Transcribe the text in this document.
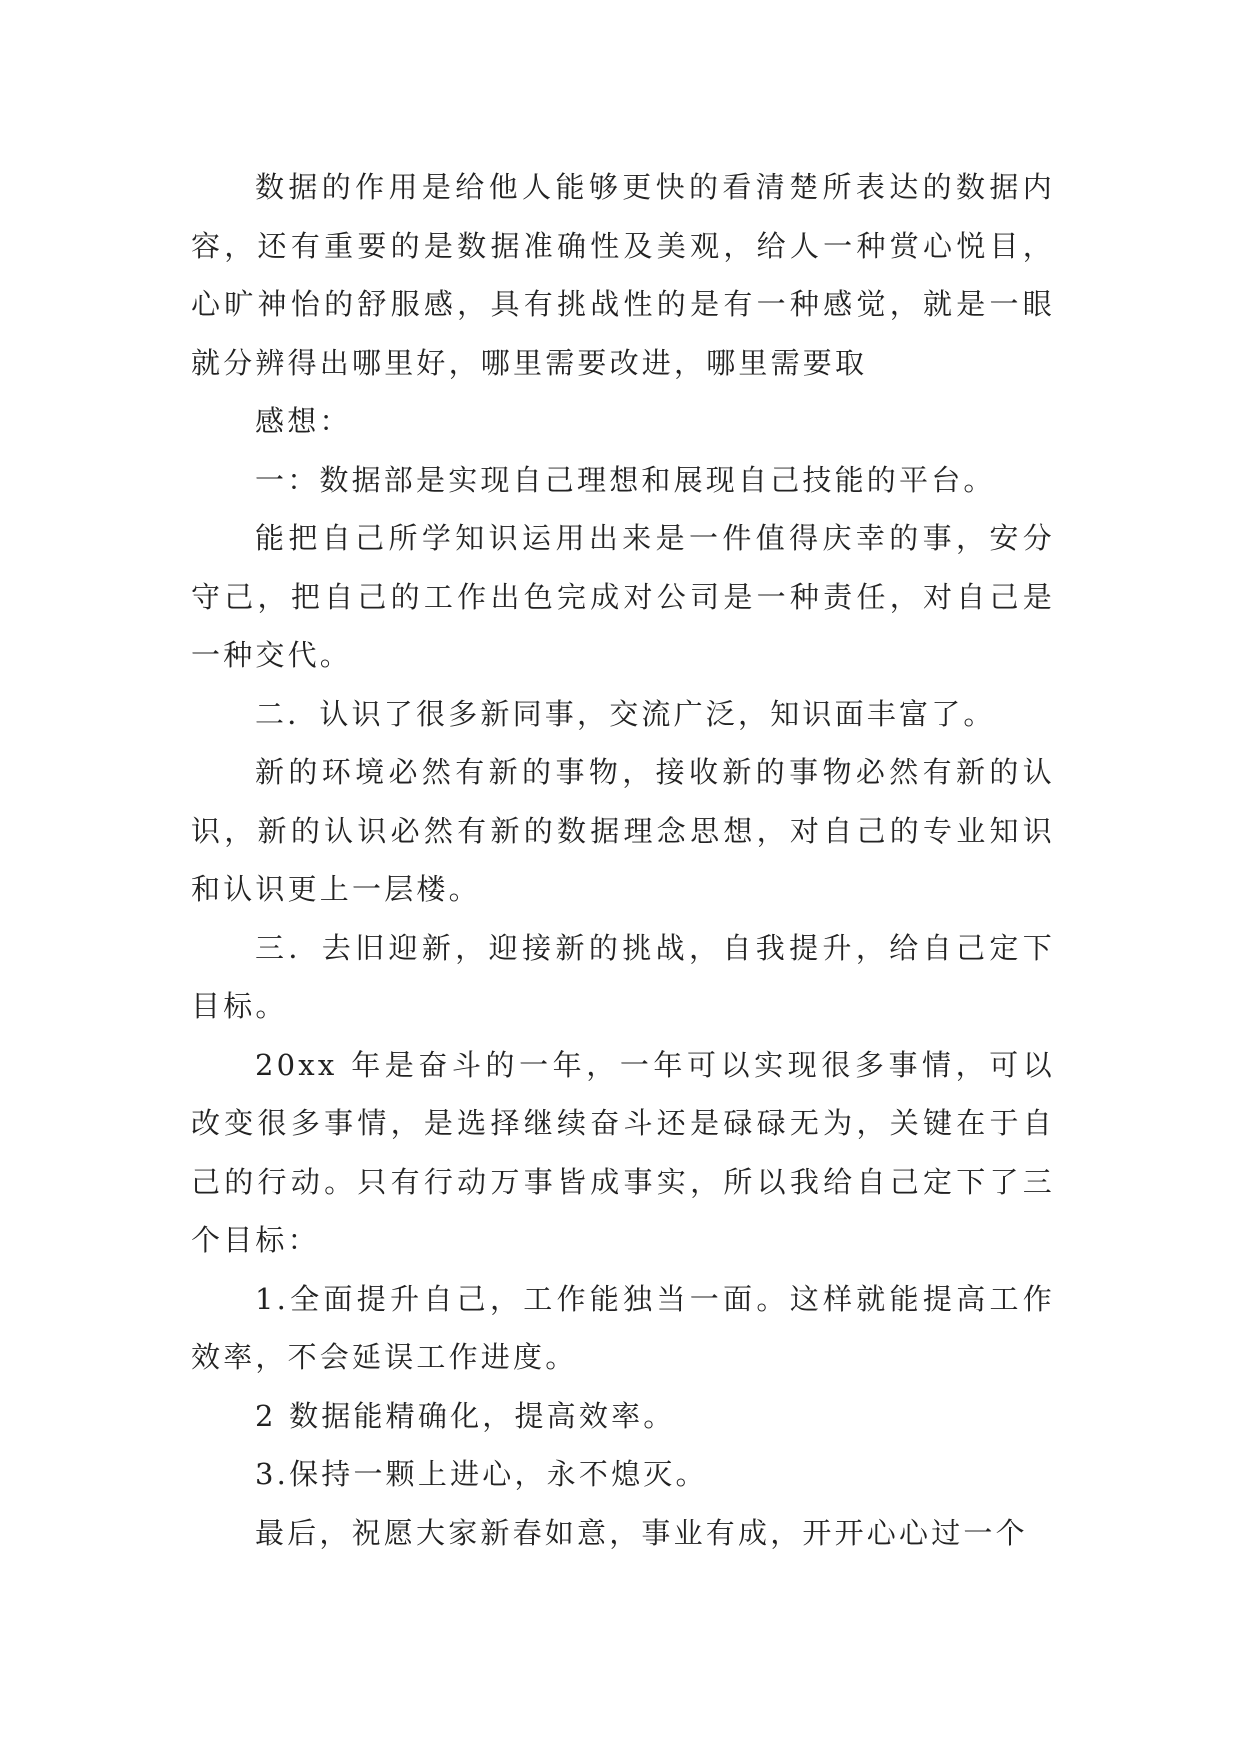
数据的作用是给他人能够更快的看清楚所表达的数据内容，还有重要的是数据准确性及美观，给人一种赏心悦目，心旷神怡的舒服感，具有挑战性的是有一种感觉，就是一眼就分辨得出哪里好，哪里需要改进，哪里需要取

感想：

一：数据部是实现自己理想和展现自己技能的平台。

能把自己所学知识运用出来是一件值得庆幸的事，安分守己，把自己的工作出色完成对公司是一种责任，对自己是一种交代。

二．认识了很多新同事，交流广泛，知识面丰富了。

新的环境必然有新的事物，接收新的事物必然有新的认识，新的认识必然有新的数据理念思想，对自己的专业知识和认识更上一层楼。

三．去旧迎新，迎接新的挑战，自我提升，给自己定下目标。

20xx 年是奋斗的一年，一年可以实现很多事情，可以改变很多事情，是选择继续奋斗还是碌碌无为，关键在于自己的行动。只有行动万事皆成事实，所以我给自己定下了三个目标：

1.全面提升自己，工作能独当一面。这样就能提高工作效率，不会延误工作进度。

2 数据能精确化，提高效率。

3.保持一颗上进心，永不熄灭。

最后，祝愿大家新春如意，事业有成，开开心心过一个
